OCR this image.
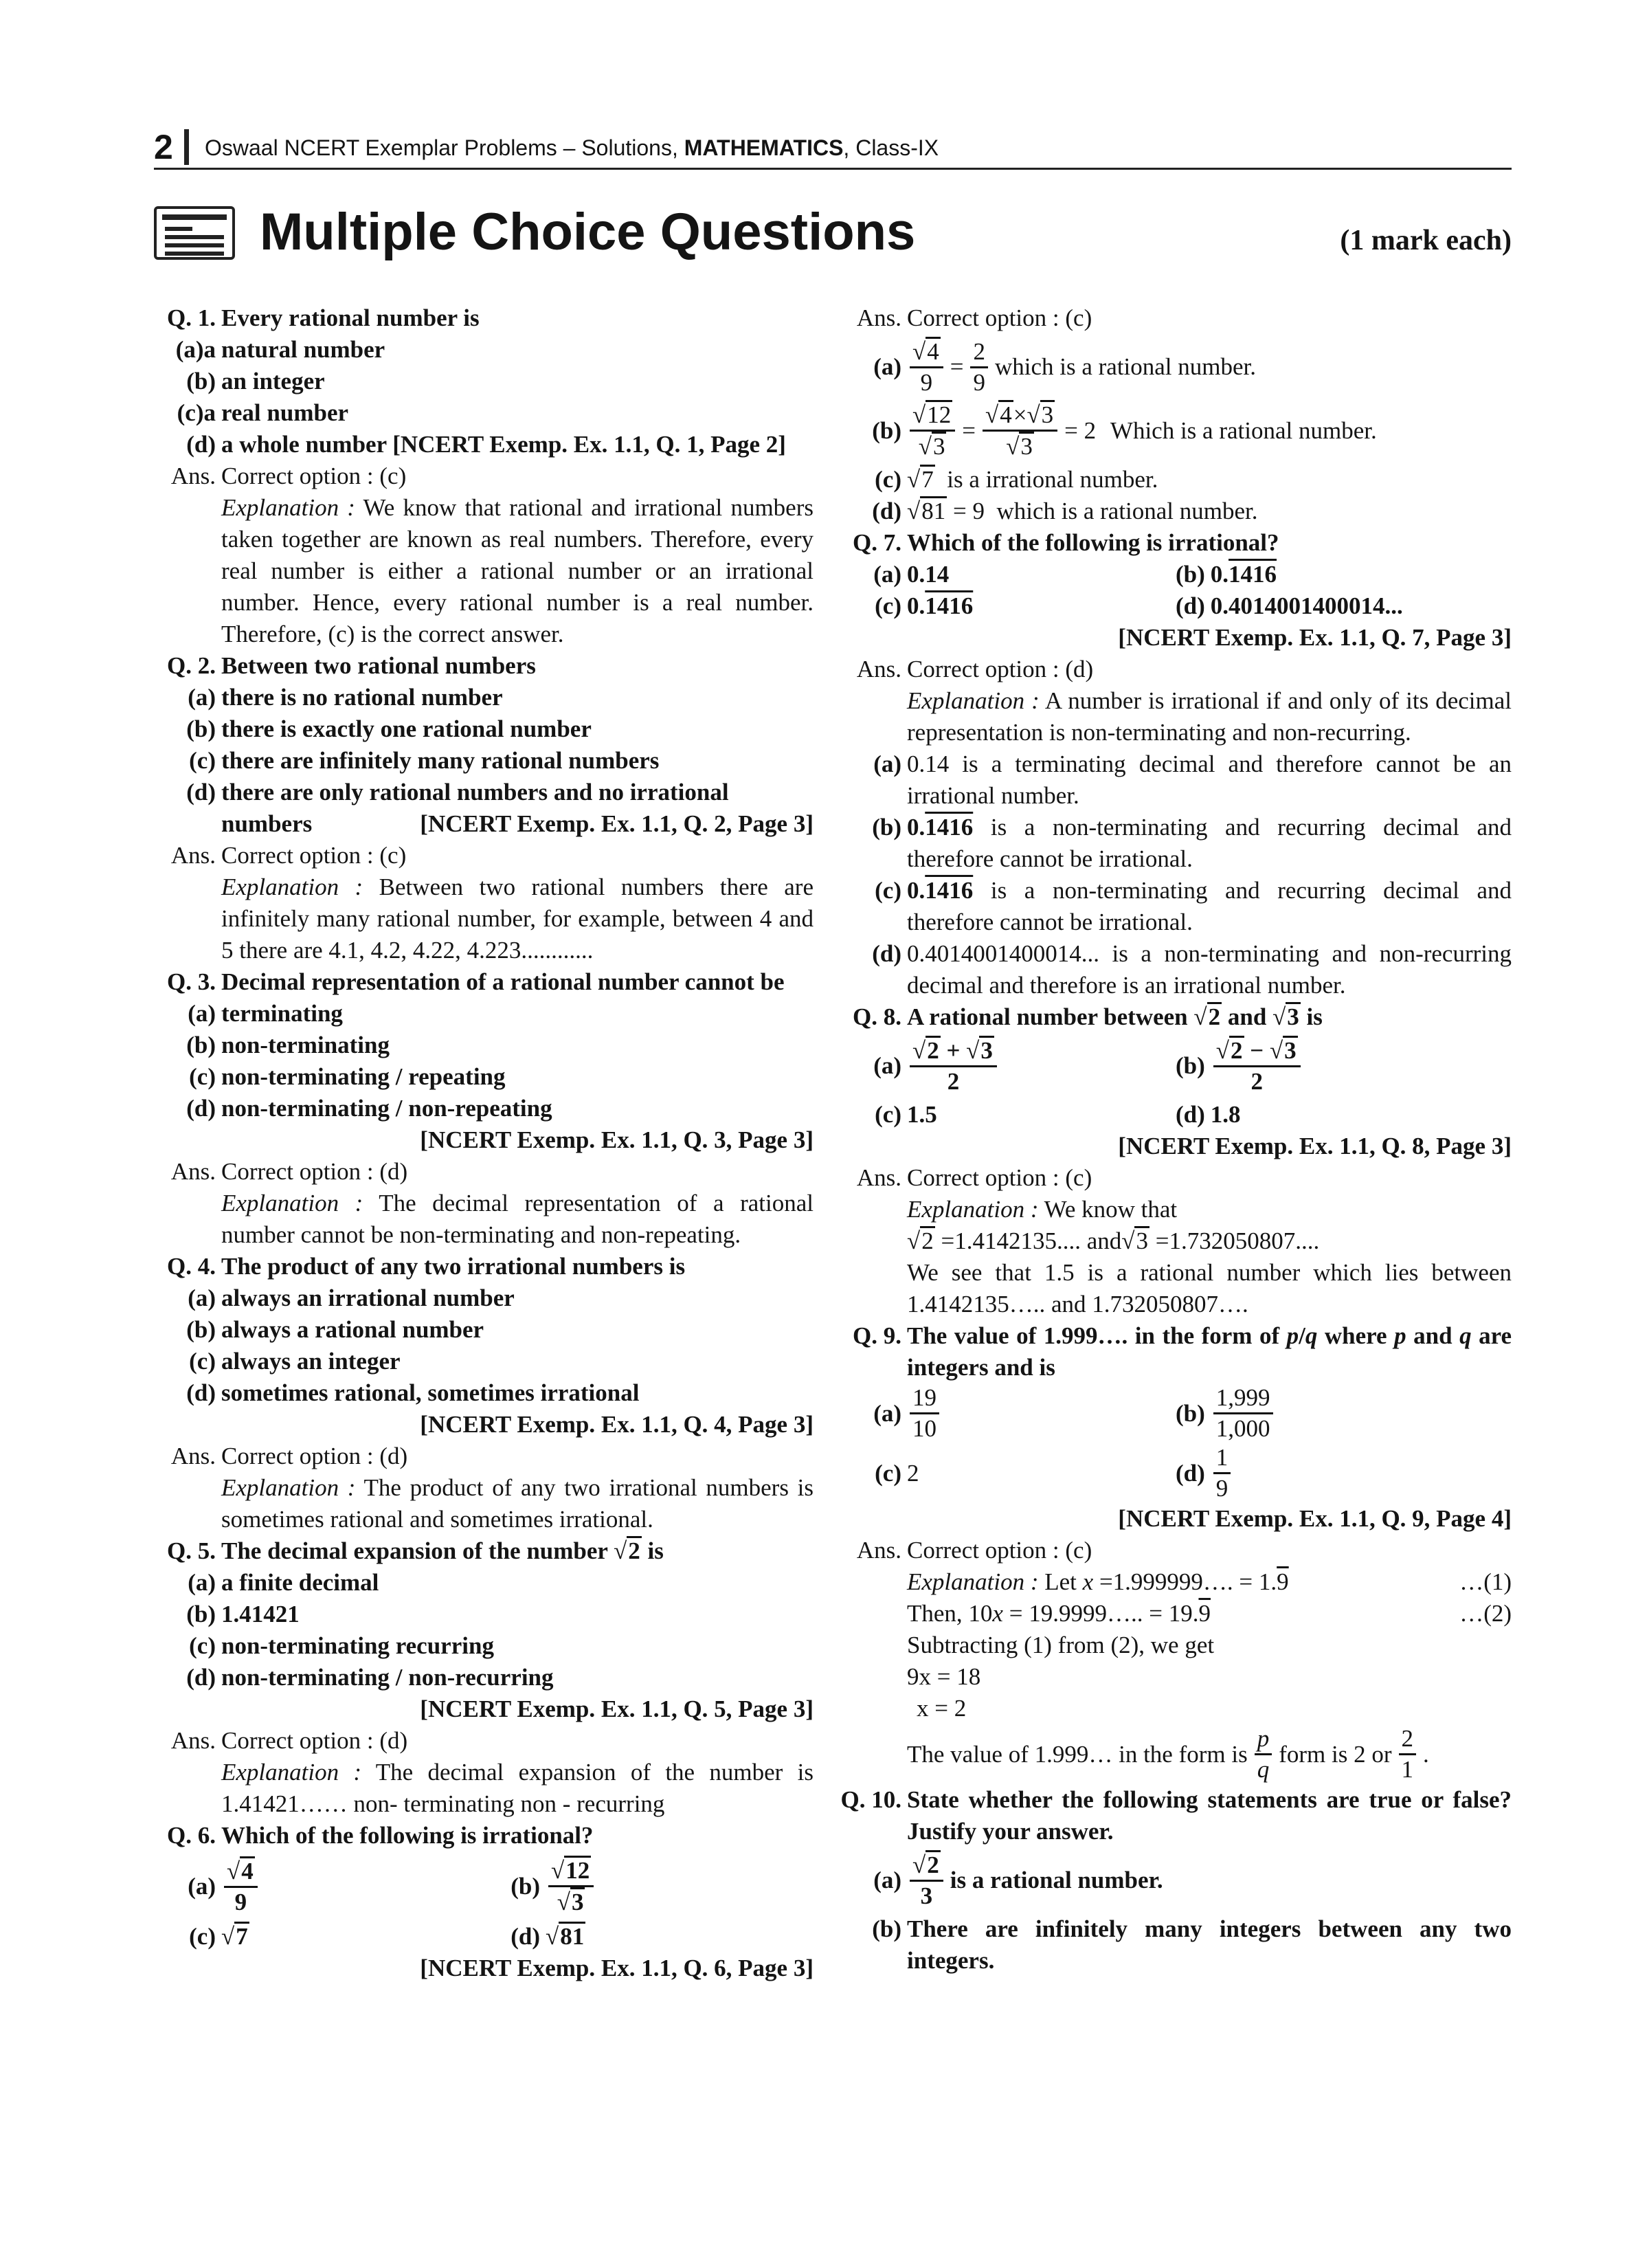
2 Oswaal NCERT Exemplar Problems – Solutions, MATHEMATICS, Class-IX
Multiple Choice Questions	(1 mark each)
Q. 1. Every rational number is
(a)a natural number
(b) an integer
(c)a real number
(d) a whole number [NCERT Exemp. Ex. 1.1, Q. 1, Page 2]
Ans. Correct option : (c)
Explanation : We know that rational and irrational numbers taken together are known as real numbers. Therefore, every real number is either a rational number or an irrational number. Hence, every rational number is a real number. Therefore, (c) is the correct answer.
Q. 2. Between two rational numbers
(a) there is no rational number
(b) there is exactly one rational number
(c) there are infinitely many rational numbers
(d) there are only rational numbers and no irrational
numbers	[NCERT Exemp. Ex. 1.1, Q. 2, Page 3]
Ans. Correct option : (c)
Explanation : Between two rational numbers there are infinitely many rational number, for example, between 4 and 5 there are 4.1, 4.2, 4.22, 4.223............
Q. 3. Decimal representation of a rational number cannot be
(a) terminating
(b) non-terminating
(c) non-terminating / repeating
(d) non-terminating / non-repeating
[NCERT Exemp. Ex. 1.1, Q. 3, Page 3]
Ans. Correct option : (d)
Explanation : The decimal representation of a rational number cannot be non-terminating and non-repeating.
Q. 4. The product of any two irrational numbers is
(a) always an irrational number
(b) always a rational number
(c) always an integer
(d) sometimes rational, sometimes irrational
[NCERT Exemp. Ex. 1.1, Q. 4, Page 3]
Ans. Correct option : (d)
Explanation : The product of any two irrational numbers is sometimes rational and sometimes irrational.
Q. 5. The decimal expansion of the number √2 is
(a) a finite decimal
(b) 1.41421
(c) non-terminating recurring
(d) non-terminating / non-recurring
[NCERT Exemp. Ex. 1.1, Q. 5, Page 3]
Ans. Correct option : (d)
Explanation : The decimal expansion of the number is 1.41421…… non- terminating non - recurring
Q. 6. Which of the following is irrational?
$(a) \frac{√4}{9}$	$(b) \frac{√12}{√3}$
(c) √7	(d) √81
[NCERT Exemp. Ex. 1.1, Q. 6, Page 3]
Ans. Correct option : (c)
$(a) \frac{√4}{9} = \frac{2}{9}$ which is a rational number.
$(b) \frac{√12}{√3} = \frac{√4\times√3}{√3} = 2$
Which is a rational number.
(c) √7 is a irrational number.
(d) √81 = 9 which is a rational number.
Q. 7. Which of the following is irrational?
(a) 0.14	(b) 0. 1416
(c) 0. 1416	(d) 0.4014001400014...
[NCERT Exemp. Ex. 1.1, Q. 7, Page 3]
Ans. Correct option : (d)
Explanation : A number is irrational if and only of its decimal representation is non-terminating and non-recurring.
(a) 0.14 is a terminating decimal and therefore cannot be an irrational number.
(b) 0.1416 is a non-terminating and recurring decimal and therefore cannot be irrational.
(c) 0.1416 is a non-terminating and recurring decimal and therefore cannot be irrational.
(d) 0.4014001400014... is a non-terminating and non-recurring decimal and therefore is an irrational number.
Q. 8. A rational number between √2 and √3 is
$(a) \frac{√2 + √3}{2}$	$(b) \frac{√2 - √3}{2}$
(c) 1.5	(d) 1.8
[NCERT Exemp. Ex. 1.1, Q. 8, Page 3]
Ans. Correct option : (c)
Explanation : We know that
√2 =1.4142135.... and√3 =1.732050807....
We see that 1.5 is a rational number which lies between 1.4142135….. and 1.732050807….
Q. 9. The value of 1.999…. in the form of p/q where p and q are integers and is
$(a) \frac{19}{10}$	$(b) \frac{1,999}{1,000}$
(c) 2	$(d) \frac{1}{9}$
[NCERT Exemp. Ex. 1.1, Q. 9, Page 4]
Ans. Correct option : (c)
Explanation : Let x =1.999999…. = 1.9	…(1)
Then, 10x = 19.9999….. = 19.9	…(2)
Subtracting (1) from (2), we get
9x = 18
x = 2
The value of 1.999… in the form is $\frac{p}{q}$ form is 2 or $\frac{2}{1}$ .
Q. 10. State whether the following statements are true or false? Justify your answer.
$(a) \frac{√2}{3}$ is a rational number.
(b) There are infinitely many integers between any two integers.
